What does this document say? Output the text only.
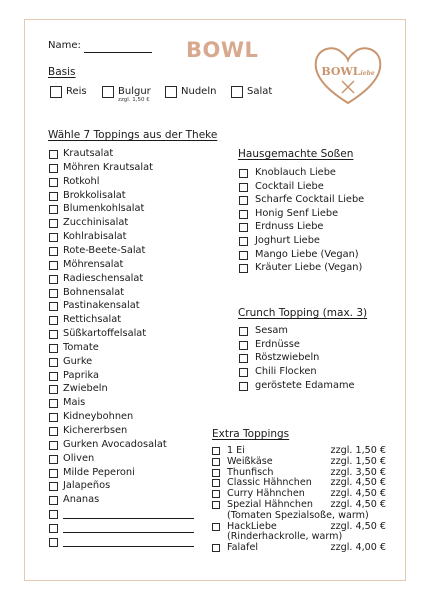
Name:	BOWL
BOWLiebe
Basis
Reis	Bulgur
zzgl. 1,50 €
Nudeln	Salat
Wähle 7 Toppings aus der Theke
Krautsalat
Möhren Krautsalat
Rotkohl
Brokkolisalat
Blumenkohlsalat
Zucchinisalat
Kohlrabisalat
Rote-Beete-Salat
Möhrensalat
Radieschensalat
Bohnensalat
Pastinakensalat
Rettichsalat
Süßkartoffelsalat
Tomate
Gurke
Paprika
Zwiebeln
Mais
Kidneybohnen
Kichererbsen
Gurken Avocadosalat
Oliven
Milde Peperoni
Jalapeños
Ananas
Hausgemachte Soßen
Knoblauch Liebe
Cocktail Liebe
Scharfe Cocktail Liebe
Honig Senf Liebe
Erdnuss Liebe
Joghurt Liebe
Mango Liebe (Vegan)
Kräuter Liebe (Vegan)
Crunch Topping (max. 3)
Sesam
Erdnüsse
Röstzwiebeln
Chili Flocken
geröstete Edamame
Extra Toppings
1 Ei	zzgl. 1,50 €
Weißkäse	zzgl. 1,50 €
Thunfisch	zzgl. 3,50 €
Classic Hähnchen	zzgl. 4,50 €
Curry Hähnchen	zzgl. 4,50 €
Spezial Hähnchen	zzgl. 4,50 €
(Tomaten Spezialsoße, warm)
HackLiebe	zzgl. 4,50 €
(Rinderhackrolle, warm)
Falafel	zzgl. 4,00 €
